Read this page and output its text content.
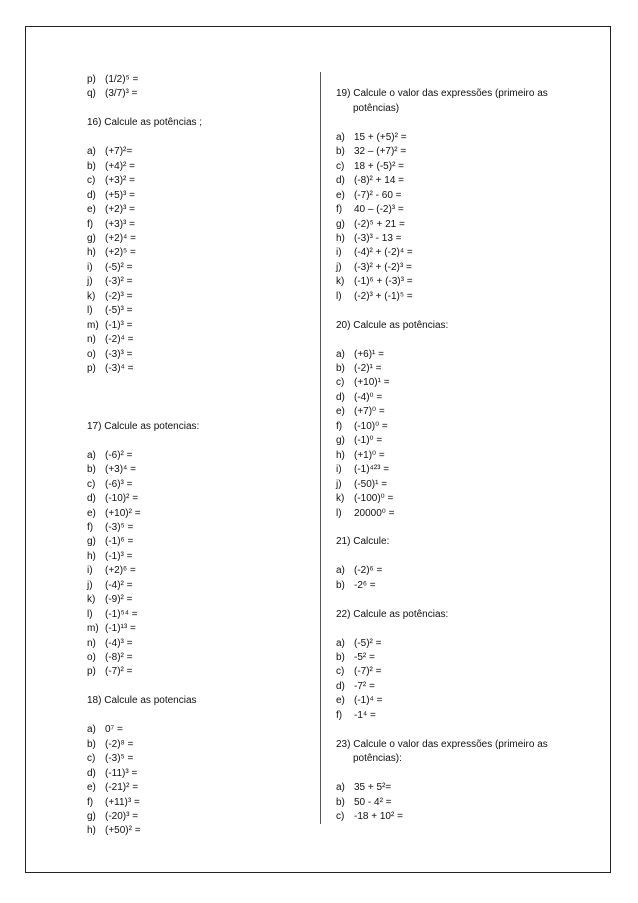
p) (1/2)⁵ =
q) (3/7)³ =
16) Calcule as potências ;
a) (+7)²=
b) (+4)² =
c) (+3)² =
d) (+5)³ =
e) (+2)³ =
f)	(+3)³ =
g) (+2)⁴ =
h) (+2)⁵ =
i)	(-5)² =
j)	(-3)² =
k) (-2)³ =
l)	(-5)³ =
m) (-1)³ =
n) (-2)⁴ =
o) (-3)³ =
p) (-3)⁴ =
17) Calcule as potencias:
a) (-6)² =
b) (+3)⁴ =
c) (-6)³ =
d) (-10)² =
e) (+10)² =
f)	(-3)⁵ =
g) (-1)⁶ =
h) (-1)³ =
i)	(+2)⁶ =
j)	(-4)² =
k) (-9)² =
l)	(-1)⁵⁴ =
m) (-1)¹³ =
n) (-4)³ =
o) (-8)² =
p) (-7)² =
18) Calcule as potencias
a) 0⁷ =
b) (-2)⁸ =
c) (-3)⁵ =
d) (-11)³ =
e) (-21)² =
f)	(+11)³ =
g) (-20)³ =
h) (+50)² =
19) Calcule o valor das expressões (primeiro as potências)
a) 15 + (+5)² =
b) 32 – (+7)² =
c) 18 + (-5)² =
d) (-8)² + 14 =
e) (-7)² - 60 =
f)	40 – (-2)³ =
g) (-2)⁵ + 21 =
h) (-3)³ - 13 =
i)	(-4)² + (-2)⁴ =
j)	(-3)² + (-2)³ =
k) (-1)⁶ + (-3)³ =
l)	(-2)³ + (-1)⁵ =
20) Calcule as potências:
a) (+6)¹ =
b) (-2)¹ =
c) (+10)¹ =
d) (-4)⁰ =
e) (+7)⁰ =
f)	(-10)⁰ =
g) (-1)⁰ =
h) (+1)⁰ =
i)	(-1)⁴²³ =
j)	(-50)¹ =
k) (-100)⁰ =
l)	20000⁰ =
21) Calcule:
a) (-2)⁶ =
b) -2⁶ =
22) Calcule as potências:
a) (-5)² =
b) -5² =
c) (-7)² =
d) -7² =
e) (-1)⁴ =
f)	-1⁴ =
23) Calcule o valor das expressões (primeiro as potências):
a) 35 + 5²=
b) 50 - 4² =
c) -18 + 10² =
